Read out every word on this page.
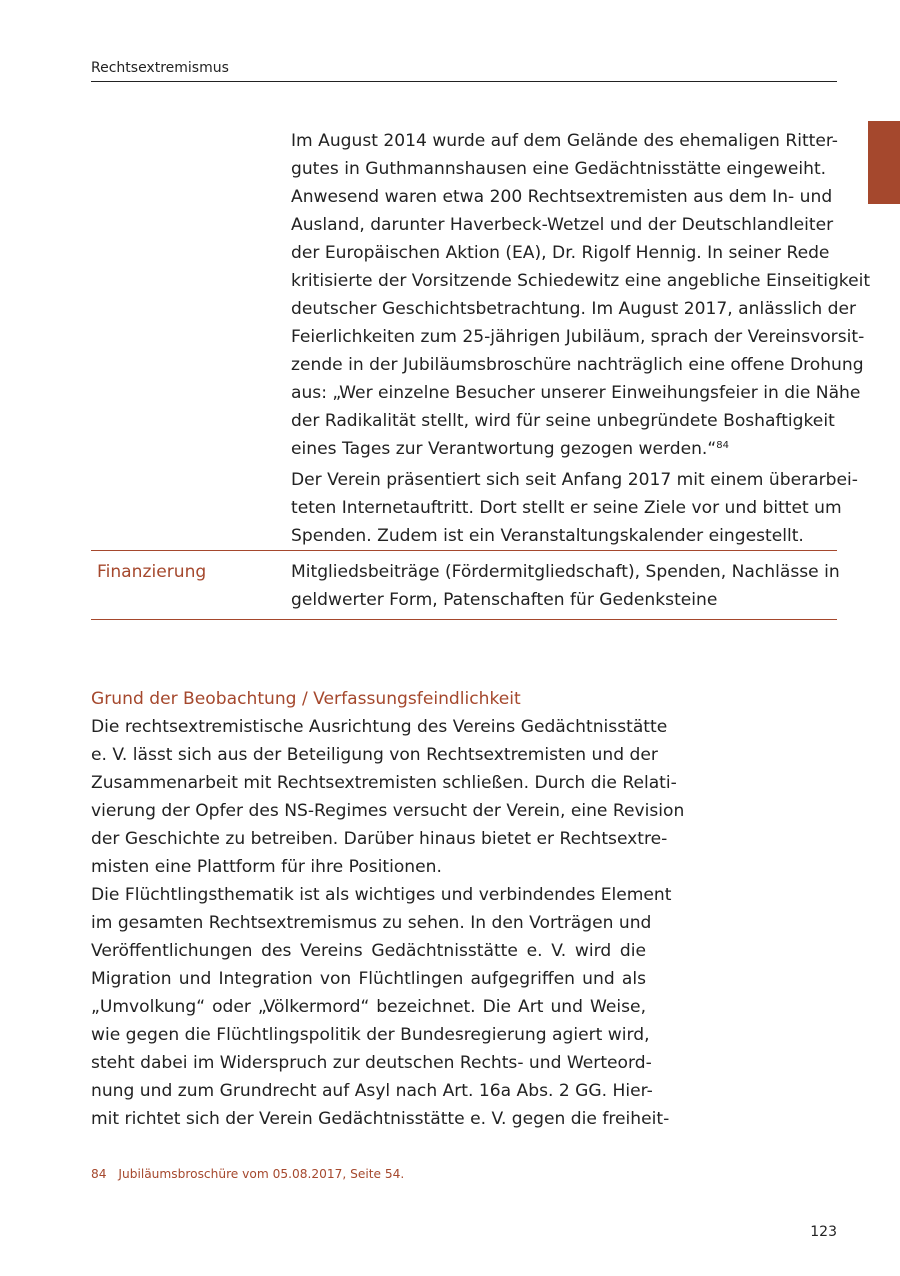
Rechtsextremismus

Im August 2014 wurde auf dem Gelände des ehemaligen Ritter-

gutes in Guthmannshausen eine Gedächtnisstätte eingeweiht.

Anwesend waren etwa 200 Rechtsextremisten aus dem In- und

Ausland, darunter Haverbeck-Wetzel und der Deutschlandleiter

der Europäischen Aktion (EA), Dr. Rigolf Hennig. In seiner Rede

kritisierte der Vorsitzende Schiedewitz eine angebliche Einseitigkeit

deutscher Geschichtsbetrachtung. Im August 2017, anlässlich der

Feierlichkeiten zum 25-jährigen Jubiläum, sprach der Vereinsvorsit-

zende in der Jubiläumsbroschüre nachträglich eine offene Drohung

aus: „Wer einzelne Besucher unserer Einweihungsfeier in die Nähe

der Radikalität stellt, wird für seine unbegründete Boshaftigkeit

eines Tages zur Verantwortung gezogen werden.“$^{84}$

Der Verein präsentiert sich seit Anfang 2017 mit einem überarbei-

teten Internetauftritt. Dort stellt er seine Ziele vor und bittet um

Spenden. Zudem ist ein Veranstaltungskalender eingestellt.

Finanzierung	Mitgliedsbeiträge (Fördermitgliedschaft), Spenden, Nachlässe in

geldwerter Form, Patenschaften für Gedenksteine

Grund der Beobachtung / Verfassungsfeindlichkeit
Die rechtsextremistische Ausrichtung des Vereins Gedächtnisstätte
e. V. lässt sich aus der Beteiligung von Rechtsextremisten und der
Zusammenarbeit mit Rechtsextremisten schließen. Durch die Relati-
vierung der Opfer des NS-Regimes versucht der Verein, eine Revision
der Geschichte zu betreiben. Darüber hinaus bietet er Rechtsextre-
misten eine Plattform für ihre Positionen.
Die Flüchtlingsthematik ist als wichtiges und verbindendes Element
im gesamten Rechtsextremismus zu sehen. In den Vorträgen und
Veröffentlichungen des Vereins Gedächtnisstätte e. V. wird die
Migration und Integration von Flüchtlingen aufgegriffen und als
„Umvolkung“ oder „Völkermord“ bezeichnet. Die Art und Weise,
wie gegen die Flüchtlingspolitik der Bundesregierung agiert wird,
steht dabei im Widerspruch zur deutschen Rechts- und Werteord-
nung und zum Grundrecht auf Asyl nach Art. 16a Abs. 2 GG. Hier-
mit richtet sich der Verein Gedächtnisstätte e. V. gegen die freiheit-
84 Jubiläumsbroschüre vom 05.08.2017, Seite 54.
123
